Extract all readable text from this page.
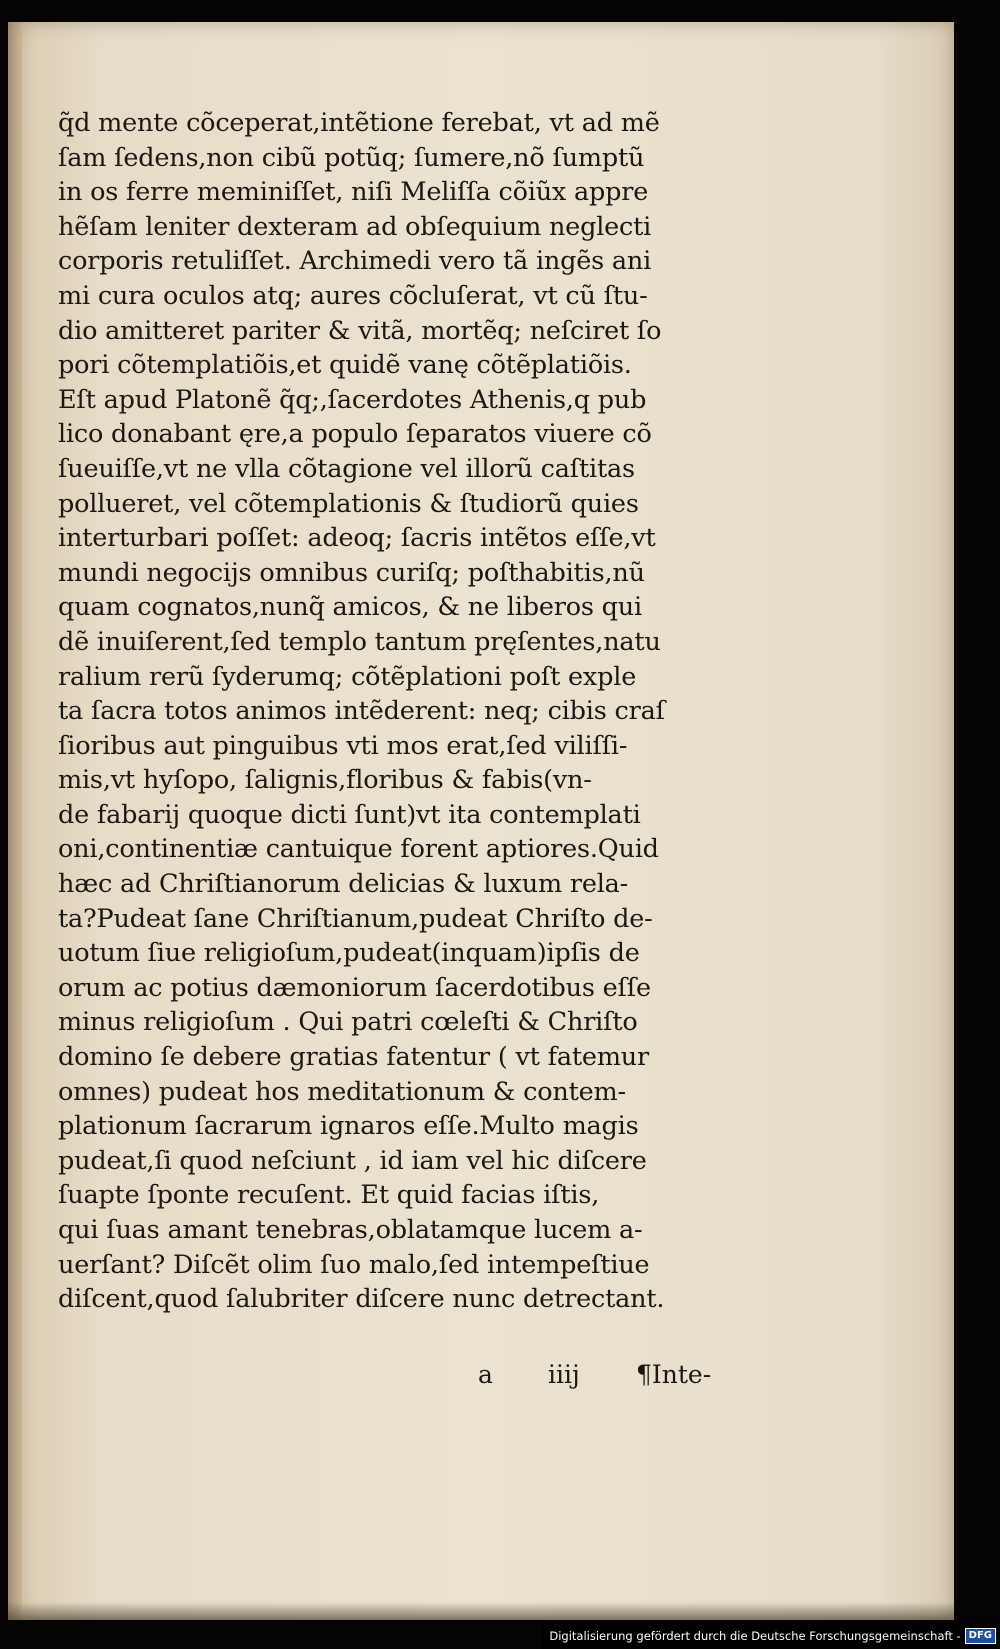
q̃d mente cõceperat,intẽtione ferebat, vt ad mẽ
ſam ſedens,non cibũ potũq; ſumere,nõ ſumptũ
in os ferre meminiſſet, niſi Meliſſa cõiũx appre
hẽſam leniter dexteram ad obſequium neglecti
corporis retuliſſet. Archimedi vero tã ingẽs ani
mi cura oculos atq; aures cõcluſerat, vt cũ ſtu-
dio amitteret pariter & vitã, mortẽq; neſciret ſo
pori cõtemplatiõis,et quidẽ vanę cõtẽplatiõis.
Eſt apud Platonẽ q̃q;,ſacerdotes Athenis,q pub
lico donabant ęre,a populo ſeparatos viuere cõ
ſueuiſſe,vt ne vlla cõtagione vel illorũ caſtitas
pollueret, vel cõtemplationis & ſtudiorũ quies
interturbari poſſet: adeoq; ſacris intẽtos eſſe,vt
mundi negocijs omnibus curiſq; poſthabitis,nũ
quam cognatos,nunq̃ amicos, & ne liberos qui
dẽ inuiſerent,ſed templo tantum pręſentes,natu
ralium rerũ ſyderumq; cõtẽplationi poſt exple
ta ſacra totos animos intẽderent: neq; cibis craſ
ſioribus aut pinguibus vti mos erat,ſed viliſſi-
mis,vt hyſopo, ſalignis,floribus & fabis(vn-
de fabarij quoque dicti ſunt)vt ita contemplati
oni,continentiæ cantuique forent aptiores.Quid
hæc ad Chriſtianorum delicias & luxum rela-
ta?Pudeat ſane Chriſtianum,pudeat Chriſto de-
uotum ſiue religioſum,pudeat(inquam)ipſis de
orum ac potius dæmoniorum ſacerdotibus eſſe
minus religioſum . Qui patri cœleſti & Chriſto
domino ſe debere gratias fatentur ( vt fatemur
omnes) pudeat hos meditationum & contem-
plationum ſacrarum ignaros eſſe.Multo magis
pudeat,ſi quod neſciunt , id iam vel hic diſcere
ſuapte ſponte recuſent. Et quid facias iſtis,
qui ſuas amant tenebras,oblatamque lucem a-
uerſant? Diſcẽt olim ſuo malo,ſed intempeſtiue
diſcent,quod ſalubriter diſcere nunc detrectant.
a iiij ¶Inte-
Digitalisierung gefördert durch die Deutsche Forschungsgemeinschaft - DFG
